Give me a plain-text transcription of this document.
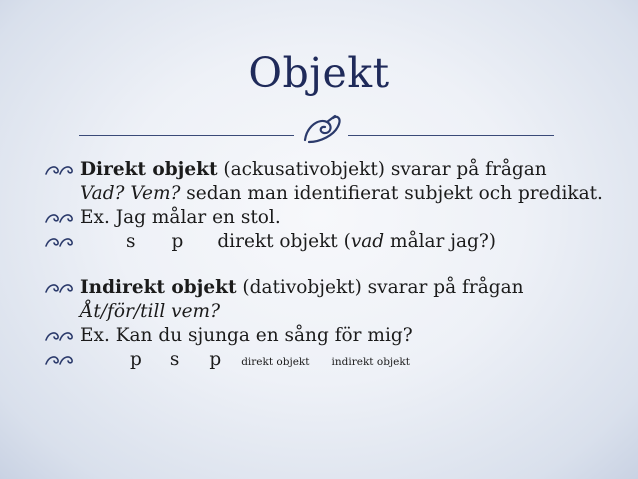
Objekt
Direkt objekt (ackusativobjekt) svarar på frågan
Vad? Vem? sedan man identifierat subjekt och predikat.
Ex. Jag målar en stol.
s p direkt objekt (vad målar jag?)
Indirekt objekt (dativobjekt) svarar på frågan
Åt/för/till vem?
Ex. Kan du sjunga en sång för mig?
p s p direkt objekt indirekt objekt
